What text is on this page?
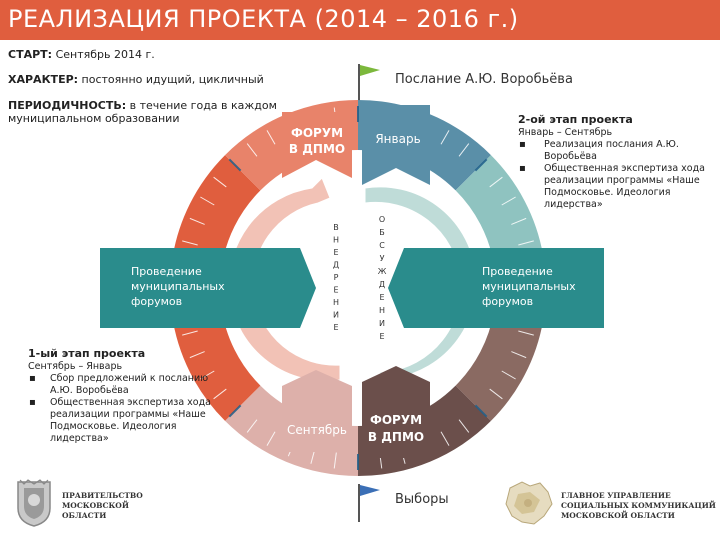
РЕАЛИЗАЦИЯ ПРОЕКТА (2014 – 2016 г.)
СТАРТ: Сентябрь 2014 г.
ХАРАКТЕР: постоянно идущий, цикличный
ПЕРИОДИЧНОСТЬ: в течение года в каждом муниципальном образовании
Послание А.Ю. Воробьёва
Выборы
ФОРУМ
В ДПМО
Январь
Сентябрь
ФОРУМ
В ДПМО
Проведение
муниципальных
форумов
Проведение
муниципальных
форумов
В
Н
Е
Д
Р
Е
Н
И
Е
О
Б
С
У
Ж
Д
Е
Н
И
Е
2-ой этап проекта
Январь – Сентябрь
▪ Реализация послания А.Ю. Воробьёва
▪ Общественная экспертиза хода реализации программы «Наше Подмосковье. Идеология лидерства»
1-ый этап проекта
Сентябрь – Январь
▪ Сбор предложений к посланию А.Ю. Воробьёва
▪ Общественная экспертиза хода реализации программы «Наше Подмосковье. Идеология лидерства»
ПРАВИТЕЛЬСТВО
МОСКОВСКОЙ
ОБЛАСТИ
ГЛАВНОЕ УПРАВЛЕНИЕ
СОЦИАЛЬНЫХ КОММУНИКАЦИЙ
МОСКОВСКОЙ ОБЛАСТИ
